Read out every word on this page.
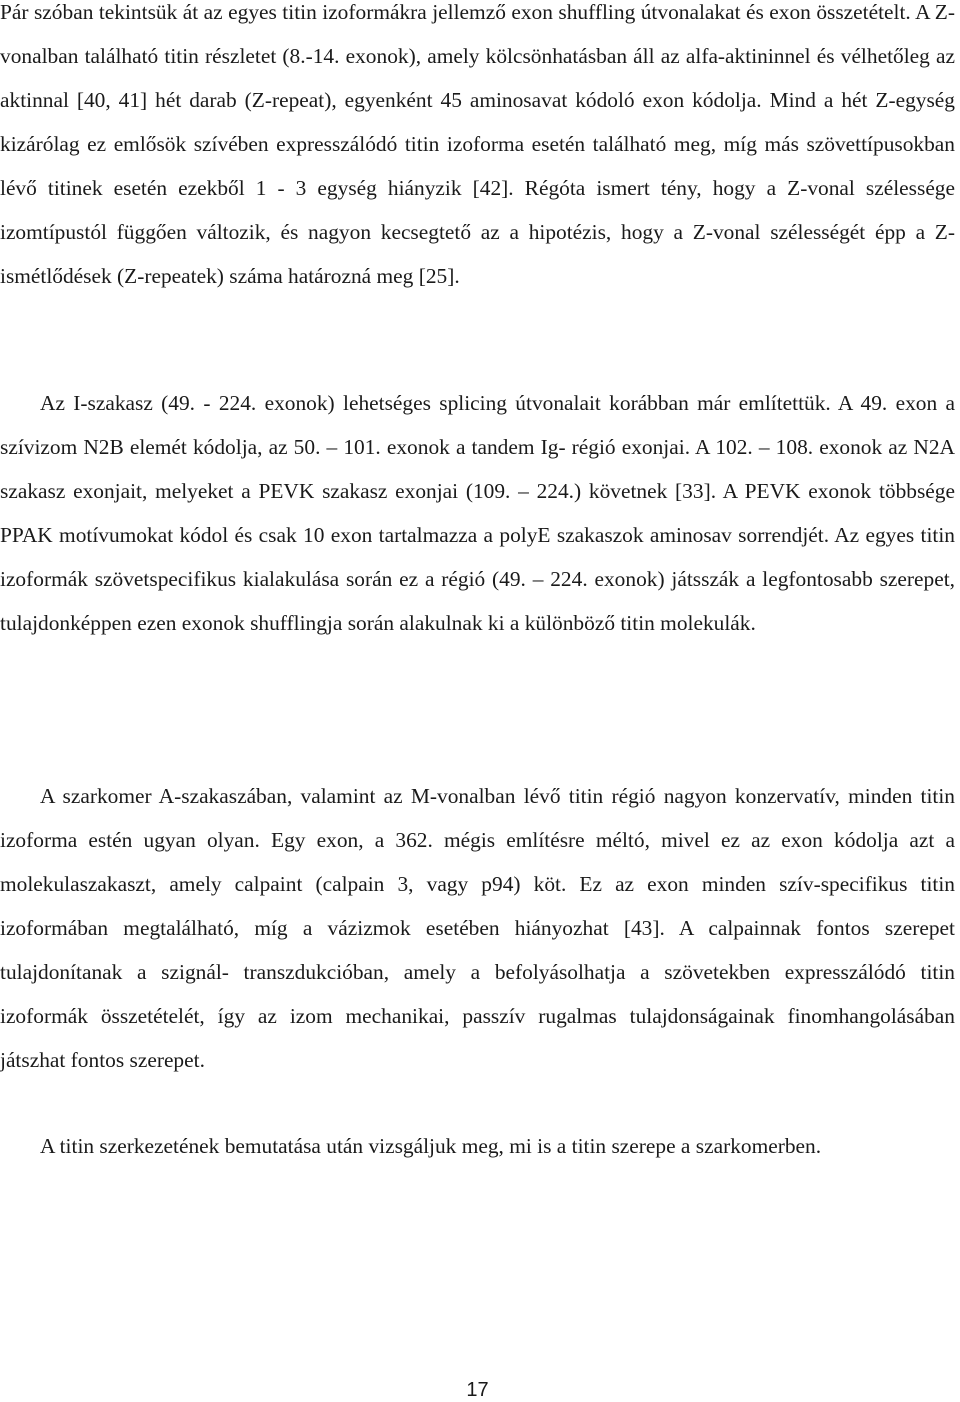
Pár szóban tekintsük át az egyes titin izoformákra jellemző exon shuffling útvonalakat és exon összetételt. A Z-vonalban található titin részletet (8.-14. exonok), amely kölcsönhatásban áll az alfa-aktininnel és vélhetőleg az aktinnal [40, 41] hét darab (Z-repeat), egyenként 45 aminosavat kódoló exon kódolja. Mind a hét Z-egység kizárólag ez emlősök szívében expresszálódó titin izoforma esetén található meg, míg más szövettípusokban lévő titinek esetén ezekből 1 - 3 egység hiányzik [42]. Régóta ismert tény, hogy a Z-vonal szélessége izomtípustól függően változik, és nagyon kecsegtető az a hipotézis, hogy a Z-vonal szélességét épp a Z-ismétlődések (Z-repeatek) száma határozná meg [25].

Az I-szakasz (49. - 224. exonok) lehetséges splicing útvonalait korábban már említettük. A 49. exon a szívizom N2B elemét kódolja, az 50. – 101. exonok a tandem Ig- régió exonjai. A 102. – 108. exonok az N2A szakasz exonjait, melyeket a PEVK szakasz exonjai (109. – 224.) követnek [33]. A PEVK exonok többsége PPAK motívumokat kódol és csak 10 exon tartalmazza a polyE szakaszok aminosav sorrendjét. Az egyes titin izoformák szövetspecifikus kialakulása során ez a régió (49. – 224. exonok) játsszák a legfontosabb szerepet, tulajdonképpen ezen exonok shufflingja során alakulnak ki a különböző titin molekulák.

A szarkomer A-szakaszában, valamint az M-vonalban lévő titin régió nagyon konzervatív, minden titin izoforma estén ugyan olyan. Egy exon, a 362. mégis említésre méltó, mivel ez az exon kódolja azt a molekulaszakaszt, amely calpaint (calpain 3, vagy p94) köt. Ez az exon minden szív-specifikus titin izoformában megtalálható, míg a vázizmok esetében hiányozhat [43]. A calpainnak fontos szerepet tulajdonítanak a szignál- transzdukcióban, amely a befolyásolhatja a szövetekben expresszálódó titin izoformák összetételét, így az izom mechanikai, passzív rugalmas tulajdonságainak finomhangolásában játszhat fontos szerepet.

A titin szerkezetének bemutatása után vizsgáljuk meg, mi is a titin szerepe a szarkomerben.

17
